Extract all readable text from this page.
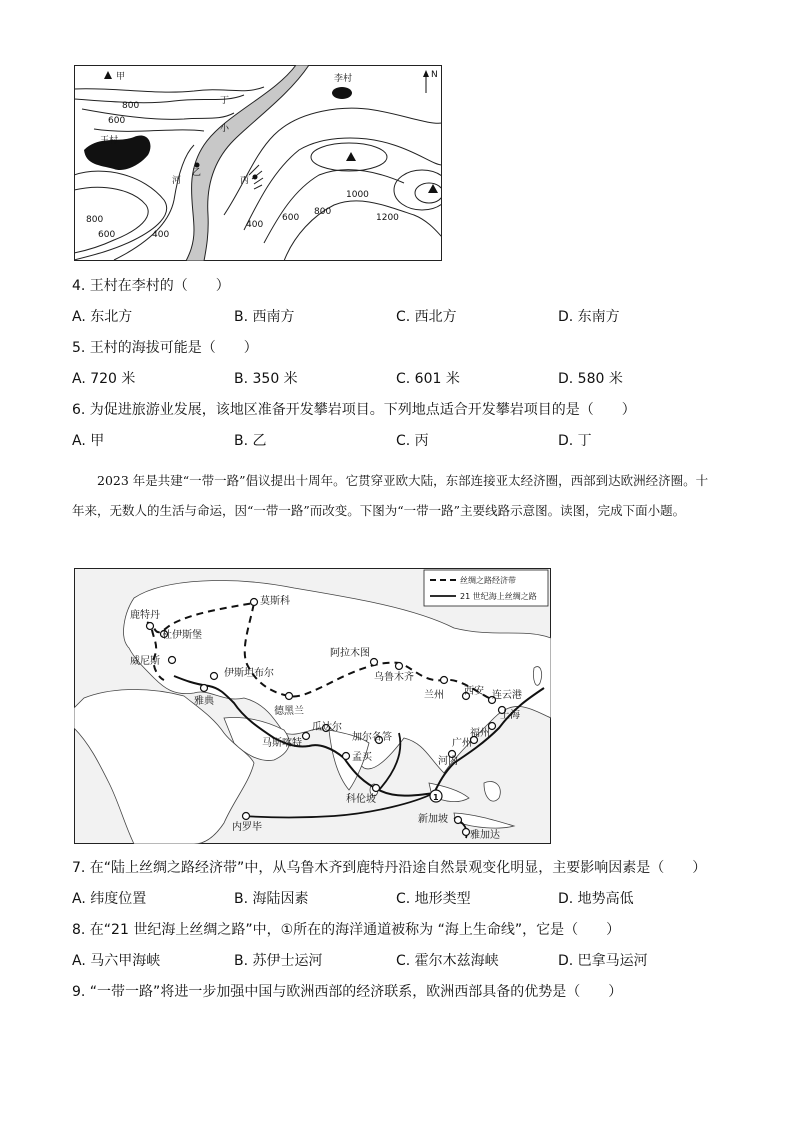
甲	李村
王村
丁
小
河
乙
丙
N
800
600
800
600	400
400
600
800
1000
1200
4. 王村在李村的（　　）
A. 东北方	B. 西南方	C. 西北方	D. 东南方
5. 王村的海拔可能是（　　）
A. 720 米	B. 350 米	C. 601 米	D. 580 米
6. 为促进旅游业发展，该地区准备开发攀岩项目。下列地点适合开发攀岩项目的是（　　）
A. 甲	B. 乙	C. 丙	D. 丁
2023 年是共建“一带一路”倡议提出十周年。它贯穿亚欧大陆，东部连接亚太经济圈，西部到达欧洲经济圈。十年来，无数人的生活与命运，因“一带一路”而改变。下图为“一带一路”主要线路示意图。读图，完成下面小题。
丝绸之路经济带
21 世纪海上丝绸之路
1
鹿特丹
杜伊斯堡
莫斯科
威尼斯
伊斯坦布尔
雅典
德黑兰
阿拉木图
乌鲁木齐
兰州 西安 连云港
上海
福州
广州
河内
瓜达尔
马斯喀特
加尔各答
孟买
科伦坡
内罗毕
新加坡
雅加达
7. 在“陆上丝绸之路经济带”中，从乌鲁木齐到鹿特丹沿途自然景观变化明显，主要影响因素是（　　）
A. 纬度位置	B. 海陆因素	C. 地形类型	D. 地势高低
8. 在“21 世纪海上丝绸之路”中，①所在的海洋通道被称为 “海上生命线”，它是（　　）
A. 马六甲海峡	B. 苏伊士运河	C. 霍尔木兹海峡	D. 巴拿马运河
9. “一带一路”将进一步加强中国与欧洲西部的经济联系，欧洲西部具备的优势是（　　）
